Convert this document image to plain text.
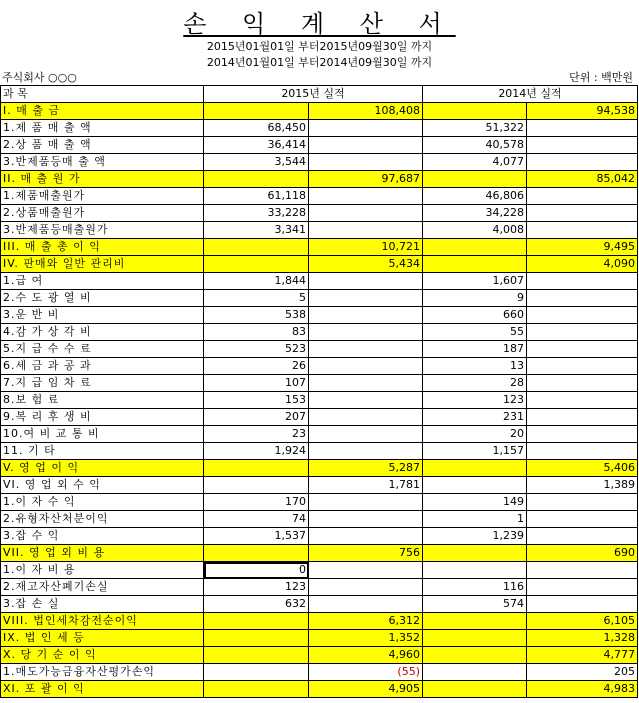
손 익 계 산 서
2015년01월01일 부터2015년09월30일 까지
2014년01월01일 부터2014년09월30일 까지
주식회사 ○○○	단위 : 백만원
과 목	2015년 실적		2014년 실적	
I. 매 출 금		108,408		94,538
1.제 품 매 출 액	68,450		51,322	
2.상 품 매 출 액	36,414		40,578	
3.반제품등매 출 액	3,544		4,077	
II. 매 출 원 가		97,687		85,042
1.제품매출원가	61,118		46,806	
2.상품매출원가	33,228		34,228	
3.반제품등매출원가	3,341		4,008	
III. 매 출 총 이 익		10,721		9,495
IV. 판매와 일반 관리비		5,434		4,090
1.급 여	1,844		1,607	
2.수 도 광 열 비	5		9	
3.운 반 비	538		660	
4.감 가 상 각 비	83		55	
5.지 급 수 수 료	523		187	
6.세 금 과 공 과	26		13	
7.지 급 임 차 료	107		28	
8.보 험 료	153		123	
9.복 리 후 생 비	207		231	
10.여 비 교 통 비	23		20	
11. 기 타	1,924		1,157	
V. 영 업 이 익		5,287		5,406
VI. 영 업 외 수 익		1,781		1,389
1.이 자 수 익	170		149	
2.유형자산처분이익	74		1	
3.잡 수 익	1,537		1,239	
VII. 영 업 외 비 용		756		690
1.이 자 비 용	0			
2.재고자산폐기손실	123		116	
3.잡 손 실	632		574	
VIII. 법인세차감전순이익		6,312		6,105
IX. 법 인 세 등		1,352		1,328
X. 당 기 순 이 익		4,960		4,777
1.매도가능금융자산평가손익		(55)		205
XI. 포 괄 이 익		4,905		4,983
